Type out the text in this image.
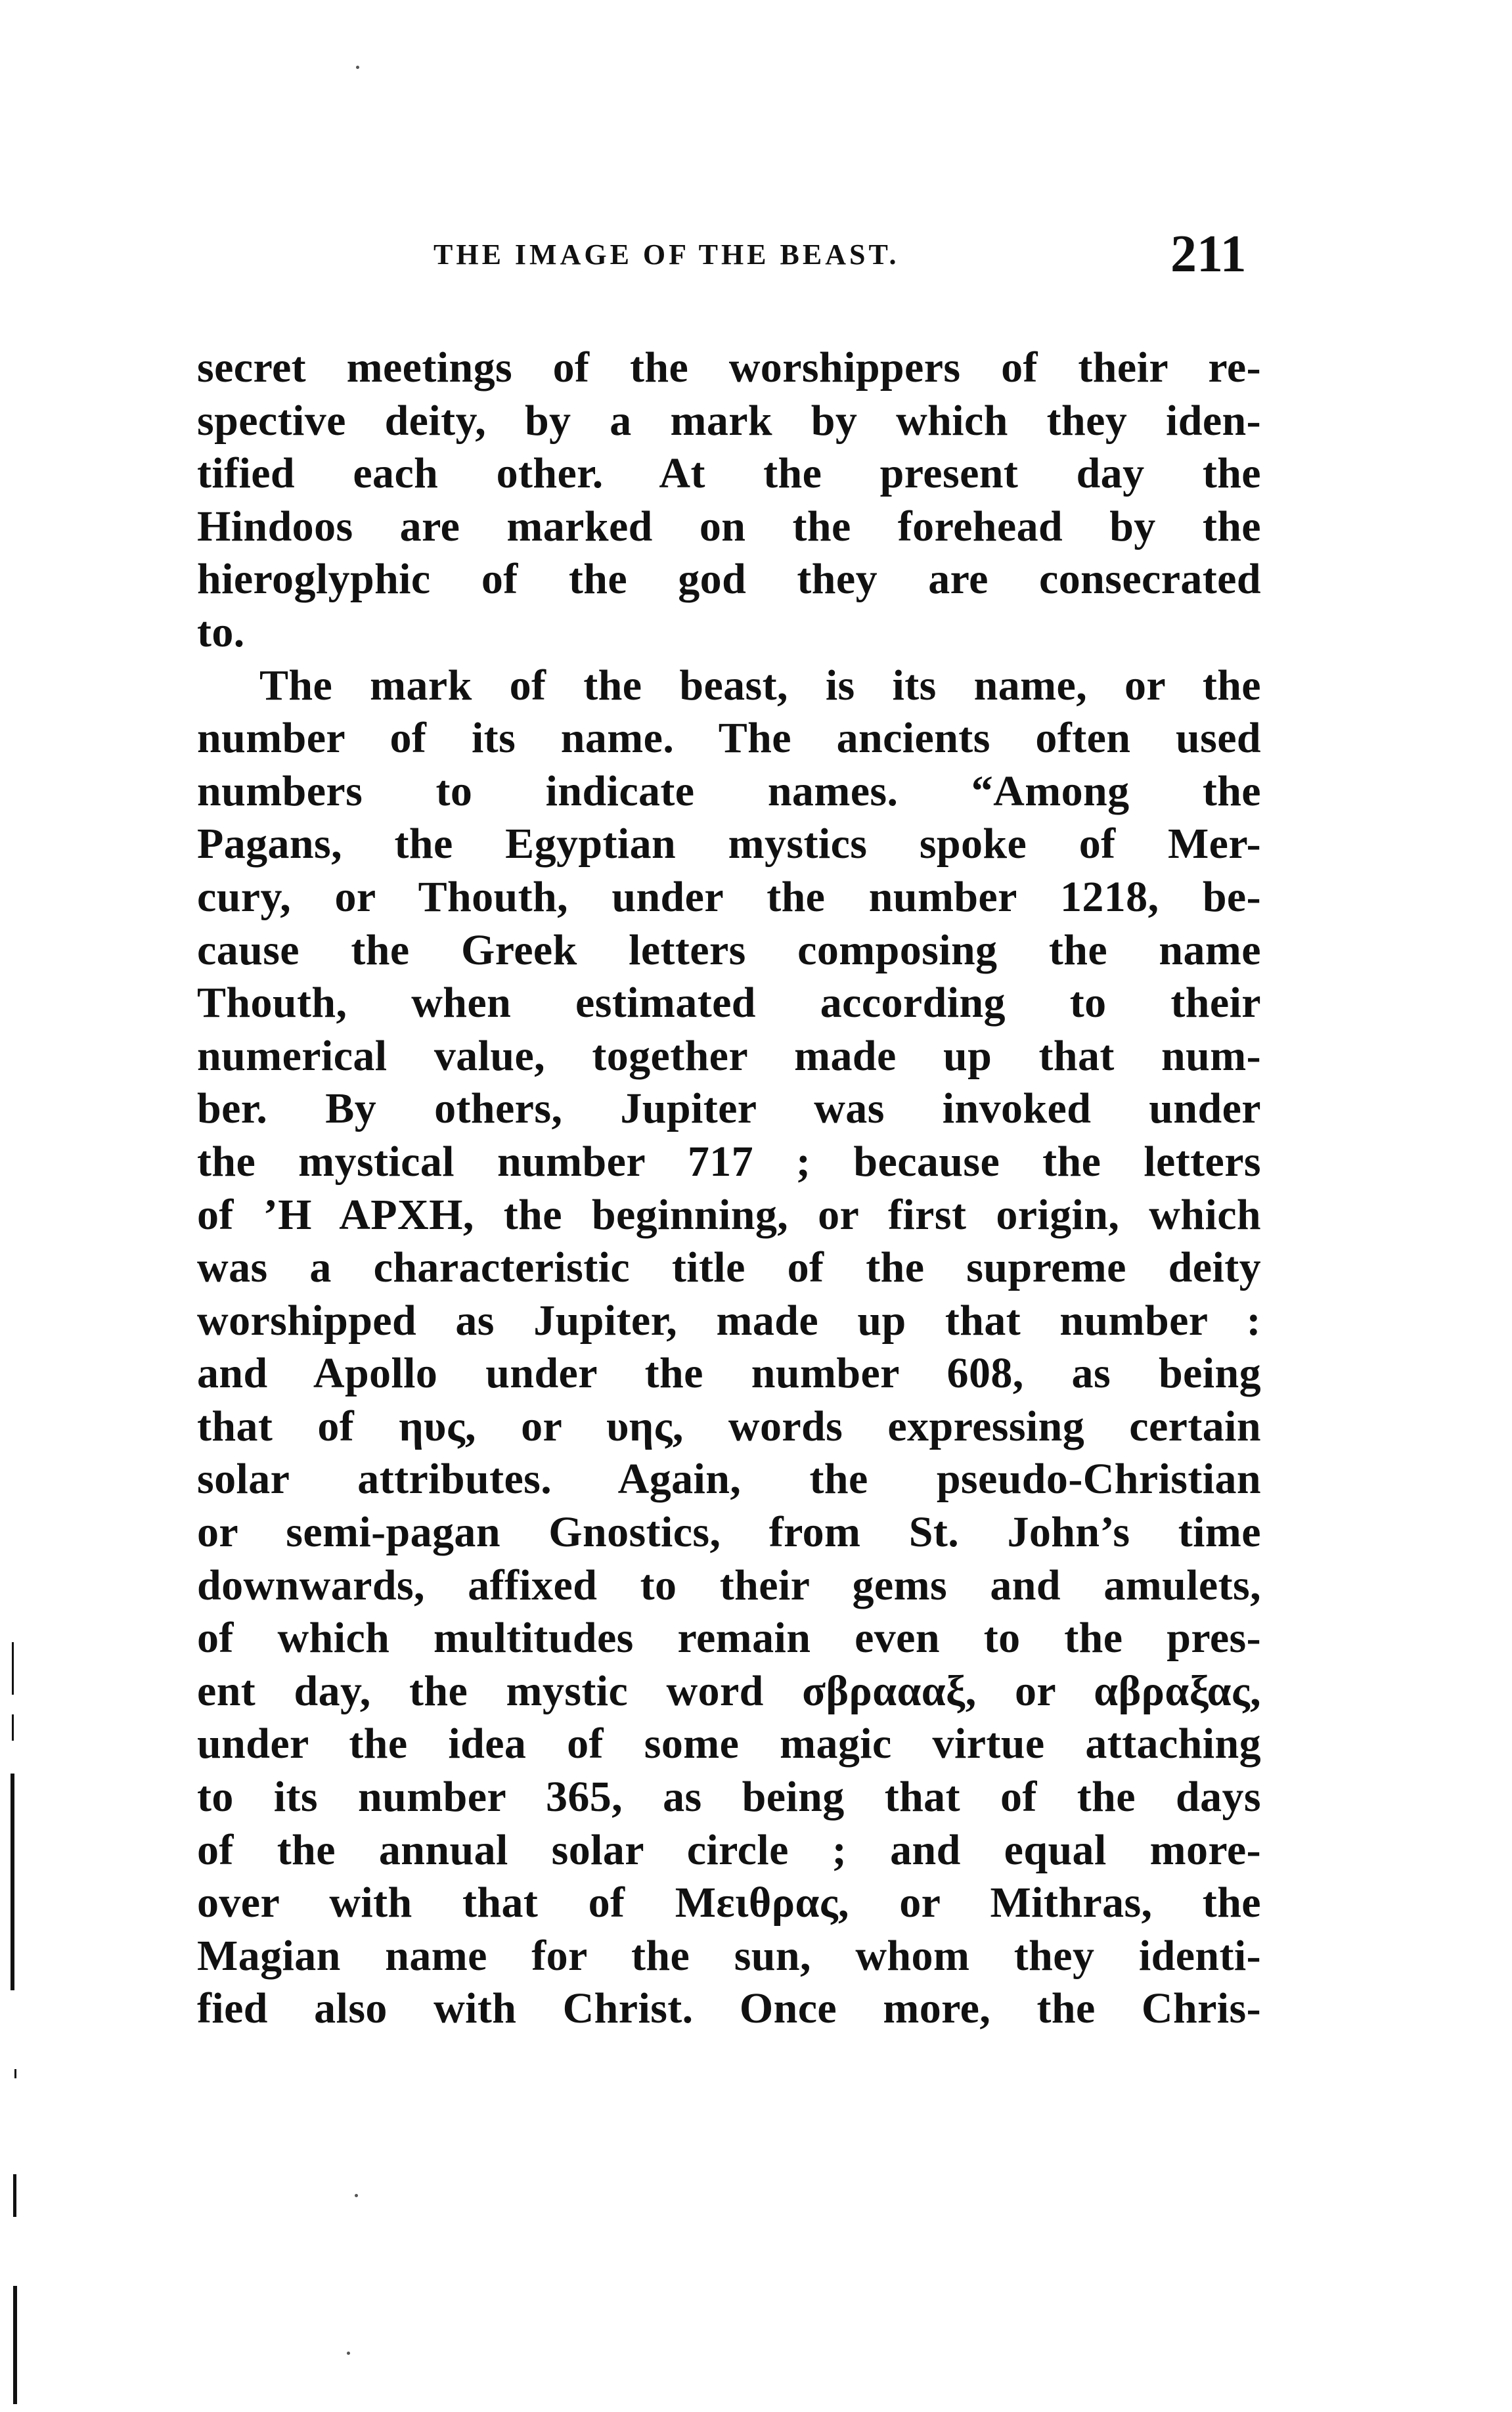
THE IMAGE OF THE BEAST.	211
secret meetings of the worshippers of their re-
spective deity, by a mark by which they iden-
tified each other. At the present day the
Hindoos are marked on the forehead by the
hieroglyphic of the god they are consecrated
to.
The mark of the beast, is its name, or the
number of its name. The ancients often used
numbers to indicate names. “Among the
Pagans, the Egyptian mystics spoke of Mer-
cury, or Thouth, under the number 1218, be-
cause the Greek letters composing the name
Thouth, when estimated according to their
numerical value, together made up that num-
ber. By others, Jupiter was invoked under
the mystical number 717 ; because the letters
of ’Η ΑΡΧΗ, the beginning, or first origin, which
was a characteristic title of the supreme deity
worshipped as Jupiter, made up that number :
and Apollo under the number 608, as being
that of ηυς, or υης, words expressing certain
solar attributes. Again, the pseudo-Christian
or semi-pagan Gnostics, from St. John’s time
downwards, affixed to their gems and amulets,
of which multitudes remain even to the pres-
ent day, the mystic word σβραααξ, or αβραξας,
under the idea of some magic virtue attaching
to its number 365, as being that of the days
of the annual solar circle ; and equal more-
over with that of Μειθρας, or Mithras, the
Magian name for the sun, whom they identi-
fied also with Christ. Once more, the Chris-
